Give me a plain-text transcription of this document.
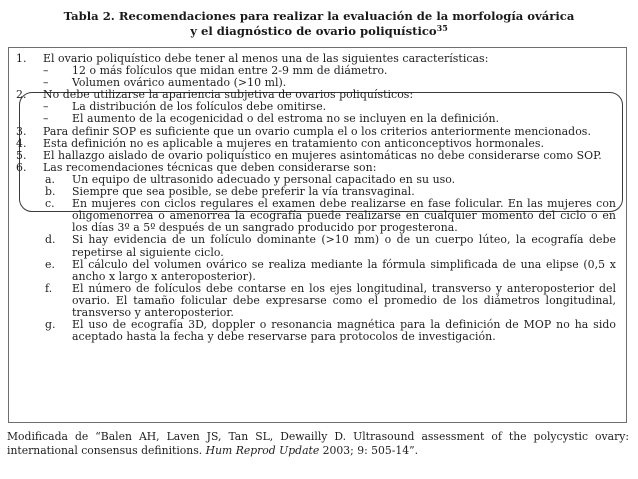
Tabla 2. Recomendaciones para realizar la evaluación de la morfología ovárica
y el diagnóstico de ovario poliquístico$^{35}$
1.	El ovario poliquístico debe tener al menos una de las siguientes características:
– 12 o más folículos que midan entre 2-9 mm de diámetro.
– Volumen ovárico aumentado (>10 ml).
2.	No debe utilizarse la apariencia subjetiva de ovarios poliquísticos:
– La distribución de los folículos debe omitirse.
– El aumento de la ecogenicidad o del estroma no se incluyen en la definición.
3.	Para definir SOP es suficiente que un ovario cumpla el o los criterios anteriormente mencionados.
4.	Esta definición no es aplicable a mujeres en tratamiento con anticonceptivos hormonales.
5.	El hallazgo aislado de ovario poliquístico en mujeres asintomáticas no debe considerarse como SOP.
6.	Las recomendaciones técnicas que deben considerarse son:
a. Un equipo de ultrasonido adecuado y personal capacitado en su uso.
b. Siempre que sea posible, se debe preferir la vía transvaginal.
c. En mujeres con ciclos regulares el examen debe realizarse en fase folicular. En las mujeres con oligomenorrea o amenorrea la ecografía puede realizarse en cualquier momento del ciclo o en los días 3º a 5º después de un sangrado producido por progesterona.
d. Si hay evidencia de un folículo dominante (>10 mm) o de un cuerpo lúteo, la ecografía debe repetirse al siguiente ciclo.
e. El cálculo del volumen ovárico se realiza mediante la fórmula simplificada de una elipse (0,5 x ancho x largo x anteroposterior).
f. El número de folículos debe contarse en los ejes longitudinal, transverso y anteroposterior del ovario. El tamaño folicular debe expresarse como el promedio de los diámetros longitudinal, transverso y anteroposterior.
g. El uso de ecografía 3D, doppler o resonancia magnética para la definición de MOP no ha sido aceptado hasta la fecha y debe reservarse para protocolos de investigación.
Modificada de “Balen AH, Laven JS, Tan SL, Dewailly D. Ultrasound assessment of the polycystic ovary: international consensus definitions. Hum Reprod Update 2003; 9: 505-14”.
